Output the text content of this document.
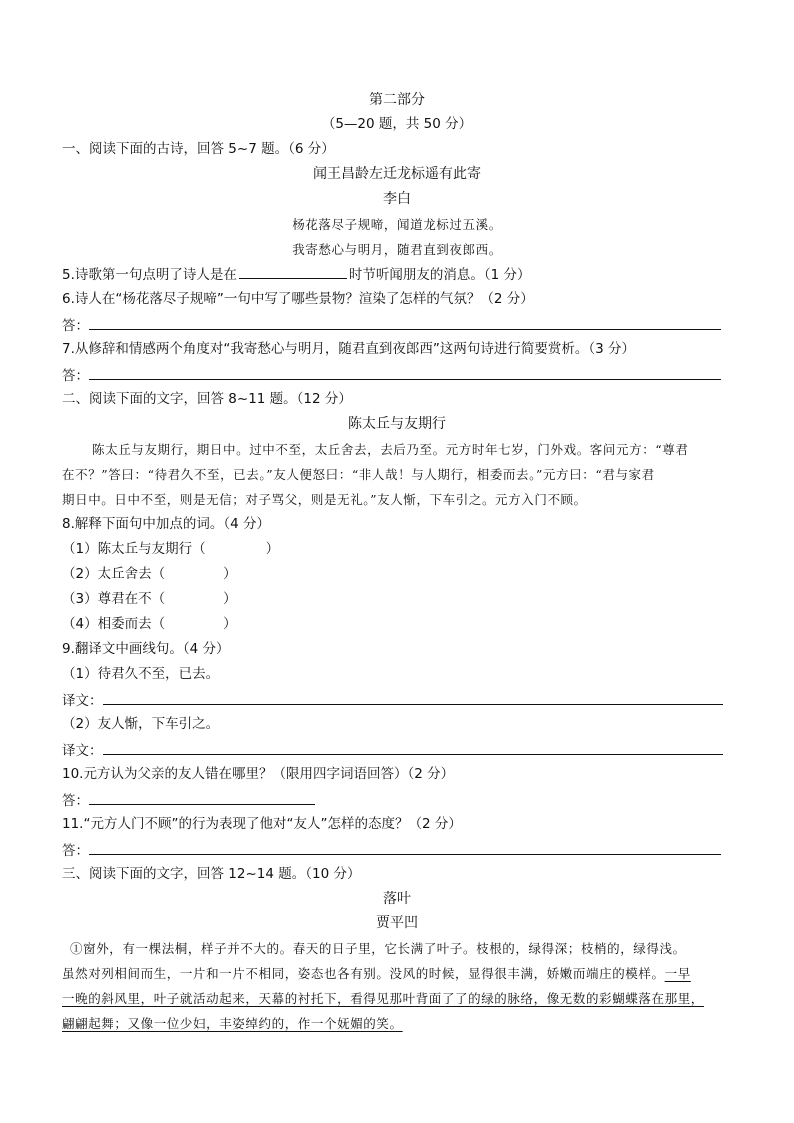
第二部分
（5—20 题，共 50 分）
一、阅读下面的古诗，回答 5~7 题。（6 分）
闻王昌龄左迁龙标遥有此寄
李白
杨花落尽子规啼，闻道龙标过五溪。
我寄愁心与明月，随君直到夜郎西。
5.诗歌第一句点明了诗人是在	时节听闻朋友的消息。（1 分）
6.诗人在“杨花落尽子规啼”一句中写了哪些景物？渲染了怎样的气氛？（2 分）
答：
7.从修辞和情感两个角度对“我寄愁心与明月，随君直到夜郎西”这两句诗进行简要赏析。（3 分）
答：
二、阅读下面的文字，回答 8~11 题。（12 分）
陈太丘与友期行
陈太丘与友期行，期日中。过中不至，太丘舍去，去后乃至。元方时年七岁，门外戏。客问元方：“尊君
在不？”答曰：“待君久不至，已去。”友人便怒曰：“非人哉！与人期行，相委而去。”元方曰：“君与家君
期日中。日中不至，则是无信；对子骂父，则是无礼。”友人惭，下车引之。元方入门不顾。
8.解释下面句中加点的词。（4 分）
（1）陈太丘与友期行（	）
（2）太丘舍去（	）
（3）尊君在不（	）
（4）相委而去（	）
9.翻译文中画线句。（4 分）
（1）待君久不至，已去。
译文：
（2）友人惭，下车引之。
译文：
10.元方认为父亲的友人错在哪里？（限用四字词语回答）（2 分）
答：
11.“元方人门不顾”的行为表现了他对“友人”怎样的态度？（2 分）
答：
三、阅读下面的文字，回答 12~14 题。（10 分）
落叶
贾平凹
①窗外，有一棵法桐，样子并不大的。春天的日子里，它长满了叶子。枝根的，绿得深；枝梢的，绿得浅。
虽然对列相间而生，一片和一片不相同，姿态也各有别。没风的时候，显得很丰满，娇嫩而端庄的模样。一早
一晚的斜风里，叶子就活动起来，天幕的衬托下，看得见那叶背面了了的绿的脉络，像无数的彩蝴蝶落在那里，
翩翩起舞；又像一位少妇，丰姿绰约的，作一个妩媚的笑。
